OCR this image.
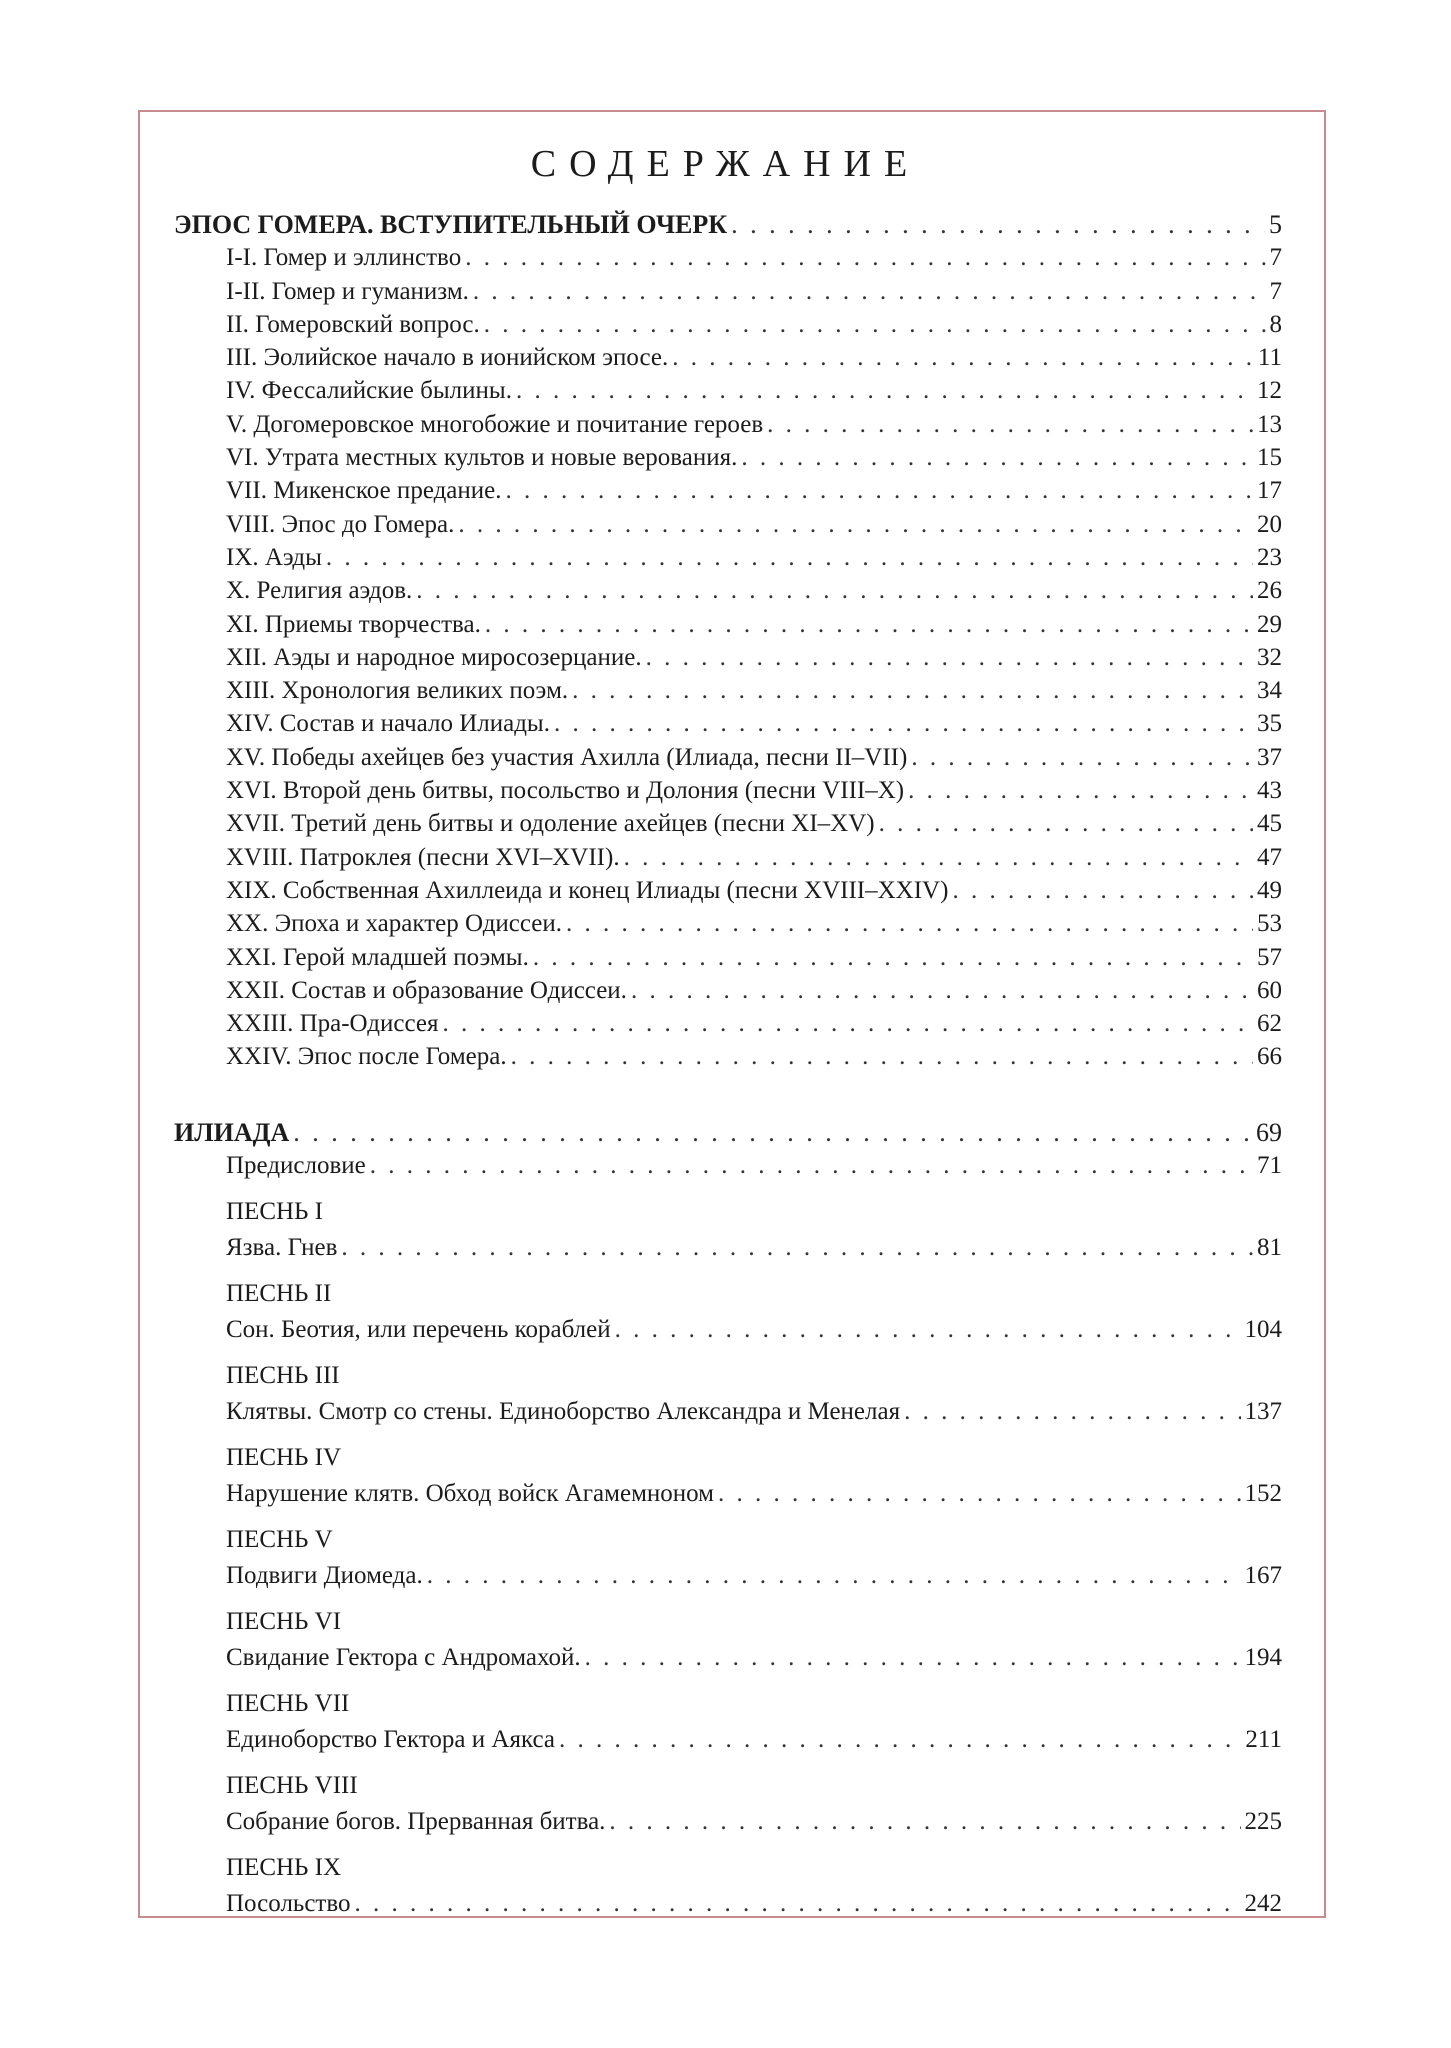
СОДЕРЖАНИЕ
ЭПОС ГОМЕРА. ВСТУПИТЕЛЬНЫЙ ОЧЕРК . . .	5
I-I. Гомер и эллинство . . .	7
I-II. Гомер и гуманизм. . . .	7
II. Гомеровский вопрос. . . .	8
III. Эолийское начало в ионийском эпосе. . . .	11
IV. Фессалийские былины. . . .	12
V. Догомеровское многобожие и почитание героев . . .	13
VI. Утрата местных культов и новые верования. . . .	15
VII. Микенское предание. . . .	17
VIII. Эпос до Гомера. . . .	20
IX. Аэды . . .	23
X. Религия аэдов. . . .	26
XI. Приемы творчества. . . .	29
XII. Аэды и народное миросозерцание. . . .	32
XIII. Хронология великих поэм. . . .	34
XIV. Состав и начало Илиады. . . .	35
XV. Победы ахейцев без участия Ахилла (Илиада, песни II–VII) . . .	37
XVI. Второй день битвы, посольство и Долония (песни VIII–X) . . .	43
XVII. Третий день битвы и одоление ахейцев (песни XI–XV) . . .	45
XVIII. Патроклея (песни XVI–XVII). . . .	47
XIX. Собственная Ахиллеида и конец Илиады (песни XVIII–XXIV) . . .	49
XX. Эпоха и характер Одиссеи. . . .	53
XXI. Герой младшей поэмы. . . .	57
XXII. Состав и образование Одиссеи. . . .	60
XXIII. Пра-Одиссея . . .	62
XXIV. Эпос после Гомера. . . .	66
ИЛИАДА . . .	69
Предисловие . . .	71
ПЕСНЬ I
Язва. Гнев . . .	81
ПЕСНЬ II
Сон. Беотия, или перечень кораблей . . .	104
ПЕСНЬ III
Клятвы. Смотр со стены. Единоборство Александра и Менелая . . .	137
ПЕСНЬ IV
Нарушение клятв. Обход войск Агамемноном . . .	152
ПЕСНЬ V
Подвиги Диомеда. . . .	167
ПЕСНЬ VI
Свидание Гектора с Андромахой. . . .	194
ПЕСНЬ VII
Единоборство Гектора и Аякса . . .	211
ПЕСНЬ VIII
Собрание богов. Прерванная битва. . . .	225
ПЕСНЬ IX
Посольство . . .	242
